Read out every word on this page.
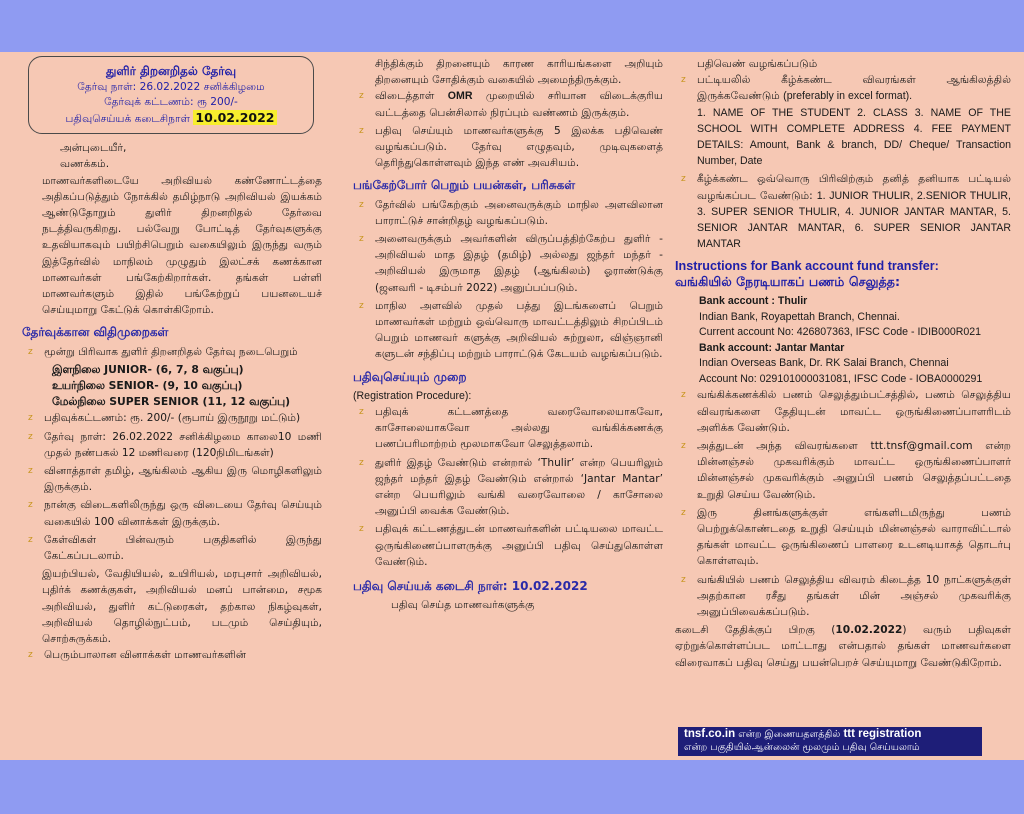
துளிர் திறனறிதல் தேர்வு
தேர்வு நாள்: 26.02.2022 சனிக்கிழமை
தேர்வுக் கட்டணம்: ரூ 200/-
பதிவுசெய்யக் கடைசிநாள் 10.02.2022

அன்புடையீர்,

வணக்கம்.

மாணவர்களிடையே அறிவியல் கண்ணோட்டத்தை அதிகப்படுத்தும் நோக்கில் தமிழ்நாடு அறிவியல் இயக்கம் ஆண்டுதோறும் துளிர் திறனறிதல் தேர்வை நடத்திவருகிறது. பல்வேறு போட்டித் தேர்வுகளுக்கு உதவியாகவும் பயிற்சிபெறும் வகையிலும் இருந்து வரும் இத்தேர்வில் மாநிலம் முழுதும் இலட்சக் கணக்கான மாணவர்கள் பங்கேற்கிறார்கள். தங்கள் பள்ளி மாணவர்களும் இதில் பங்கேற்றுப் பயனடையச் செய்யுமாறு கேட்டுக் கொள்கிறோம்.

தேர்வுக்கான விதிமுறைகள்
z மூன்று பிரிவாக துளிர் திறனறிதல் தேர்வு நடைபெறும்
இளநிலை JUNIOR- (6, 7, 8 வகுப்பு)
உயர்நிலை SENIOR- (9, 10 வகுப்பு)
மேல்நிலை SUPER SENIOR (11, 12 வகுப்பு)
z பதிவுக்கட்டணம்: ரூ. 200/- (ரூபாய் இருநூறு மட்டும்)
z தேர்வு நாள்: 26.02.2022 சனிக்கிழமை காலை10 மணி முதல் நண்பகல் 12 மணிவரை (120நிமிடங்கள்)
z வினாத்தாள் தமிழ், ஆங்கிலம் ஆகிய இரு மொழிகளிலும் இருக்கும்.
z நான்கு விடைகளிலிருந்து ஒரு விடையை தேர்வு செய்யும் வகையில் 100 வினாக்கள் இருக்கும்.
z கேள்விகள் பின்வரும் பகுதிகளில் இருந்து கேட்கப்படலாம்.

இயற்பியல், வேதியியல், உயிரியல், மரபுசார் அறிவியல், புதிர்க் கணக்குகள், அறிவியல் மனப் பான்மை, சமூக அறிவியல், துளிர் கட்டுரைகள், தற்கால நிகழ்வுகள், அறிவியல் தொழில்நுட்பம், படமும் செய்தியும், சொற்சுருக்கம்.

z பெரும்பாலான வினாக்கள் மாணவர்களின்

சிந்திக்கும் திறனையும் காரண காரியங்களை அறியும் திறனையும் சோதிக்கும் வகையில் அமைந்திருக்கும்.

z விடைத்தாள் OMR முறையில் சரியான விடைக்குரிய வட்டத்தை பென்சிலால் நிரப்பும் வண்ணம் இருக்கும்.
z பதிவு செய்யும் மாணவர்களுக்கு 5 இலக்க பதிவெண் வழங்கப்படும். தேர்வு எழுதவும், முடிவுகளைத் தெரிந்துகொள்ளவும் இந்த எண் அவசியம்.
பங்கேற்போர் பெறும் பயன்கள், பரிசுகள்
z தேர்வில் பங்கேற்கும் அனைவருக்கும் மாநில அளவிலான பாராட்டுச் சான்றிதழ் வழங்கப்படும்.
z அனைவருக்கும் அவர்களின் விருப்பத்திற்கேற்ப துளிர் - அறிவியல் மாத இதழ் (தமிழ்) அல்லது ஜந்தர் மந்தர் - அறிவியல் இருமாத இதழ் (ஆங்கிலம்) ஓராண்டுக்கு (ஜனவரி - டிசம்பர் 2022) அனுப்பப்படும்.
z மாநில அளவில் முதல் பத்து இடங்களைப் பெறும் மாணவர்கள் மற்றும் ஒவ்வொரு மாவட்டத்திலும் சிறப்பிடம் பெறும் மாணவர் களுக்கு அறிவியல் சுற்றுலா, விஞ்ஞானி களுடன் சந்திப்பு மற்றும் பாராட்டுக் கேடயம் வழங்கப்படும்.
பதிவுசெய்யும் முறை

(Registration Procedure):

z பதிவுக் கட்டணத்தை வரைவோலையாகவோ, காசோலையாகவோ அல்லது வங்கிக்கணக்கு பணப்பரிமாற்றம் மூலமாகவோ செலுத்தலாம்.
z துளிர் இதழ் வேண்டும் என்றால் ‘Thulir’ என்ற பெயரிலும் ஜந்தர் மந்தர் இதழ் வேண்டும் என்றால் ‘Jantar Mantar’ என்ற பெயரிலும் வங்கி வரைவோலை / காசோலை அனுப்பி வைக்க வேண்டும்.
z பதிவுக் கட்டணத்துடன் மாணவர்களின் பட்டியலை மாவட்ட ஒருங்கிணைப்பாளருக்கு அனுப்பி பதிவு செய்துகொள்ள வேண்டும்.
பதிவு செய்யக் கடைசி நாள்: 10.02.2022

பதிவு செய்த மாணவர்களுக்கு

பதிவெண் வழங்கப்படும்

z பட்டியலில் கீழ்க்கண்ட விவரங்கள் ஆங்கிலத்தில் இருக்கவேண்டும் (preferably in excel format).
1. NAME OF THE STUDENT 2. CLASS 3. NAME OF THE SCHOOL WITH COMPLETE ADDRESS 4. FEE PAYMENT DETAILS: Amount, Bank & branch, DD/ Cheque/ Transaction Number, Date
z கீழ்க்கண்ட ஒவ்வொரு பிரிவிற்கும் தனித் தனியாக பட்டியல் வழங்கப்பட வேண்டும்: 1. JUNIOR THULIR, 2.SENIOR THULIR, 3. SUPER SENIOR THULIR, 4. JUNIOR JANTAR MANTAR, 5. SENIOR JANTAR MANTAR, 6. SUPER SENIOR JANTAR MANTAR
Instructions for Bank account fund transfer:
வங்கியில் நேரடியாகப் பணம் செலுத்த:
Bank account : Thulir
Indian Bank, Royapettah Branch, Chennai.
Current account No: 426807363, IFSC Code - IDIB000R021
Bank account: Jantar Mantar
Indian Overseas Bank, Dr. RK Salai Branch, Chennai
Account No: 029101000031081, IFSC Code - IOBA0000291
z வங்கிக்கணக்கில் பணம் செலுத்தும்பட்சத்தில், பணம் செலுத்திய விவரங்களை தேதியுடன் மாவட்ட ஒருங்கிணைப்பாளரிடம் அளிக்க வேண்டும்.
z அத்துடன் அந்த விவரங்களை ttt.tnsf@gmail.com என்ற மின்னஞ்சல் முகவரிக்கும் மாவட்ட ஒருங்கிணைப்பாளர் மின்னஞ்சல் முகவரிக்கும் அனுப்பி பணம் செலுத்தப்பட்டதை உறுதி செய்ய வேண்டும்.
z இரு தினங்களுக்குள் எங்களிடமிருந்து பணம் பெற்றுக்கொண்டதை உறுதி செய்யும் மின்னஞ்சல் வாராவிட்டால் தங்கள் மாவட்ட ஒருங்கிணைப் பாளரை உடனடியாகத் தொடர்பு கொள்ளவும்.
z வங்கியில் பணம் செலுத்திய விவரம் கிடைத்த 10 நாட்களுக்குள் அதற்கான ரசீது தங்கள் மின் அஞ்சல் முகவரிக்கு அனுப்பிவைக்கப்படும்.

கடைசி தேதிக்குப் பிறகு (10.02.2022) வரும் பதிவுகள் ஏற்றுக்கொள்ளப்பட மாட்டாது என்பதால் தங்கள் மாணவர்களை விரைவாகப் பதிவு செய்து பயன்பெறச் செய்யுமாறு வேண்டுகிறோம்.

tnsf.co.in என்ற இணையதளத்தில் ttt registration
என்ற பகுதியில்ஆன்லைன் மூலமும் பதிவு செய்யலாம்
